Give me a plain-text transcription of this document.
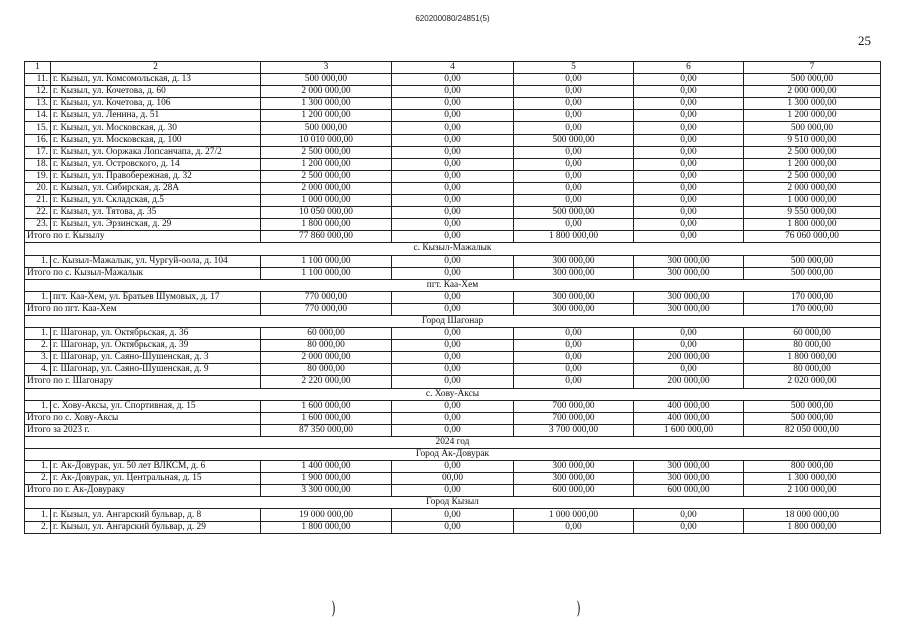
620200080/24851(5)
25
1	2	3	4	5	6	7
11.	г. Кызыл, ул. Комсомольская, д. 13	500 000,00	0,00	0,00	0,00	500 000,00
12.	г. Кызыл, ул. Кочетова, д. 60	2 000 000,00	0,00	0,00	0,00	2 000 000,00
13.	г. Кызыл, ул. Кочетова, д. 106	1 300 000,00	0,00	0,00	0,00	1 300 000,00
14.	г. Кызыл, ул. Ленина, д. 51	1 200 000,00	0,00	0,00	0,00	1 200 000,00
15.	г. Кызыл, ул. Московская, д. 30	500 000,00	0,00	0,00	0,00	500 000,00
16.	г. Кызыл, ул. Московская, д. 100	10 010 000,00	0,00	500 000,00	0,00	9 510 000,00
17.	г. Кызыл, ул. Ооржака Лопсанчапа, д. 27/2	2 500 000,00	0,00	0,00	0,00	2 500 000,00
18.	г. Кызыл, ул. Островского, д. 14	1 200 000,00	0,00	0,00	0,00	1 200 000,00
19.	г. Кызыл, ул. Правобережная, д. 32	2 500 000,00	0,00	0,00	0,00	2 500 000,00
20.	г. Кызыл, ул. Сибирская, д. 28А	2 000 000,00	0,00	0,00	0,00	2 000 000,00
21.	г. Кызыл, ул. Складская, д.5	1 000 000,00	0,00	0,00	0,00	1 000 000,00
22.	г. Кызыл, ул. Тятова, д. 35	10 050 000,00	0,00	500 000,00	0,00	9 550 000,00
23.	г. Кызыл, ул. Эрзинская, д. 29	1 800 000,00	0,00	0,00	0,00	1 800 000,00
Итого по г. Кызылу		77 860 000,00	0,00	1 800 000,00	0,00	76 060 000,00
с. Кызыл-Мажалык						
1.	с. Кызыл-Мажалык, ул. Чургуй-оола, д. 104	1 100 000,00	0,00	300 000,00	300 000,00	500 000,00
Итого по с. Кызыл-Мажалык		1 100 000,00	0,00	300 000,00	300 000,00	500 000,00
пгт. Каа-Хем						
1.	пгт. Каа-Хем, ул. Братьев Шумовых, д. 17	770 000,00	0,00	300 000,00	300 000,00	170 000,00
Итого по пгт. Каа-Хем		770 000,00	0,00	300 000,00	300 000,00	170 000,00
Город Шагонар						
1.	г. Шагонар, ул. Октябрьская, д. 36	60 000,00	0,00	0,00	0,00	60 000,00
2.	г. Шагонар, ул. Октябрьская, д. 39	80 000,00	0,00	0,00	0,00	80 000,00
3.	г. Шагонар, ул. Саяно-Шушенская, д. 3	2 000 000,00	0,00	0,00	200 000,00	1 800 000,00
4.	г. Шагонар, ул. Саяно-Шушенская, д. 9	80 000,00	0,00	0,00	0,00	80 000,00
Итого по г. Шагонару		2 220 000,00	0,00	0,00	200 000,00	2 020 000,00
с. Хову-Аксы						
1.	с. Хову-Аксы, ул. Спортивная, д. 15	1 600 000,00	0,00	700 000,00	400 000,00	500 000,00
Итого по с. Хову-Аксы		1 600 000,00	0,00	700 000,00	400 000,00	500 000,00
Итого за 2023 г.		87 350 000,00	0,00	3 700 000,00	1 600 000,00	82 050 000,00
2024 год						
Город Ак-Довурак						
1.	г. Ак-Довурак, ул. 50 лет ВЛКСМ, д. 6	1 400 000,00	0,00	300 000,00	300 000,00	800 000,00
2.	г. Ак-Довурак, ул. Центральная, д. 15	1 900 000,00	00,00	300 000,00	300 000,00	1 300 000,00
Итого по г. Ак-Довураку		3 300 000,00	0,00	600 000,00	600 000,00	2 100 000,00
Город Кызыл						
1.	г. Кызыл, ул. Ангарский бульвар, д. 8	19 000 000,00	0,00	1 000 000,00	0,00	18 000 000,00
2.	г. Кызыл, ул. Ангарский бульвар, д. 29	1 800 000,00	0,00	0,00	0,00	1 800 000,00
)	)
